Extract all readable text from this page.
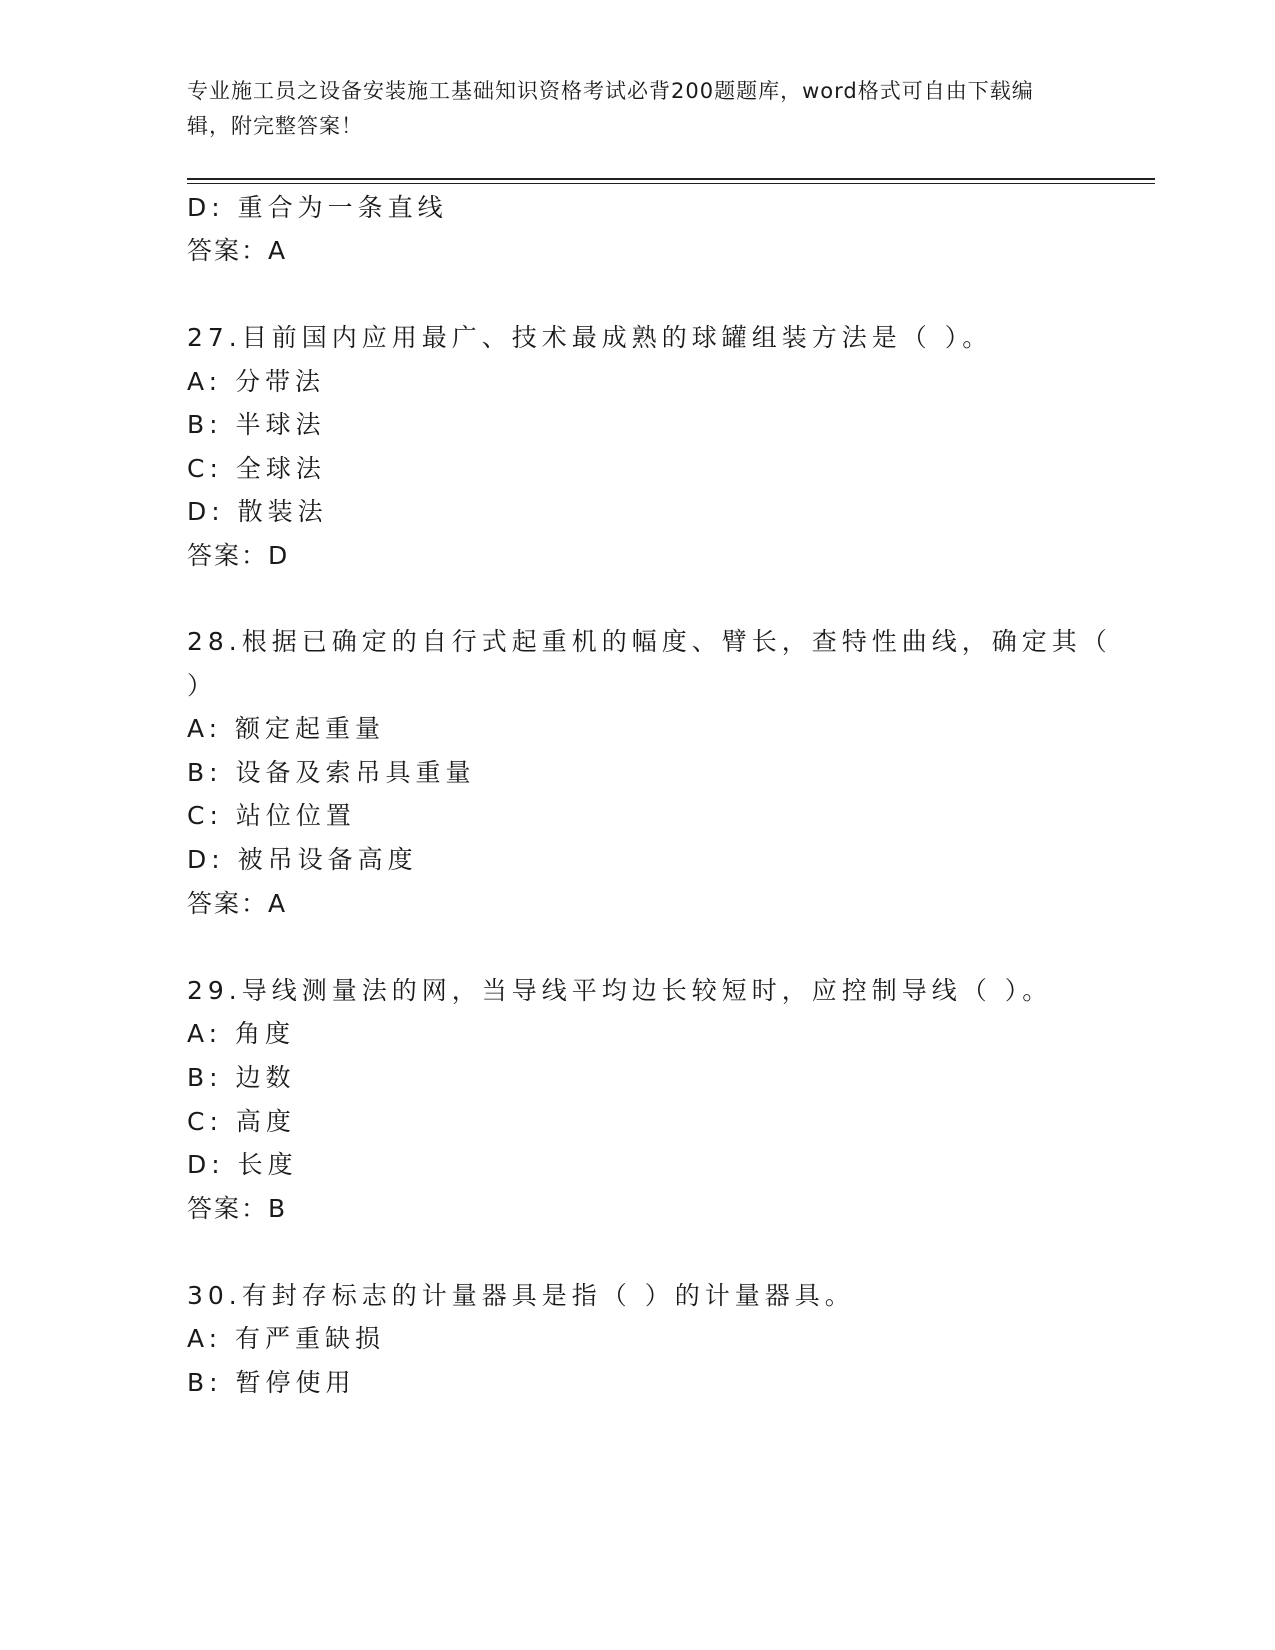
专业施工员之设备安装施工基础知识资格考试必背200题题库，word格式可自由下载编辑，附完整答案！
D: 重合为一条直线
答案：A
27.目前国内应用最广、技术最成熟的球罐组装方法是（ ）。
A: 分带法
B: 半球法
C: 全球法
D: 散装法
答案：D
28.根据已确定的自行式起重机的幅度、臂长，查特性曲线，确定其（
）
A: 额定起重量
B: 设备及索吊具重量
C: 站位位置
D: 被吊设备高度
答案：A
29.导线测量法的网，当导线平均边长较短时，应控制导线（ ）。
A: 角度
B: 边数
C: 高度
D: 长度
答案：B
30.有封存标志的计量器具是指（ ）的计量器具。
A: 有严重缺损
B: 暂停使用
